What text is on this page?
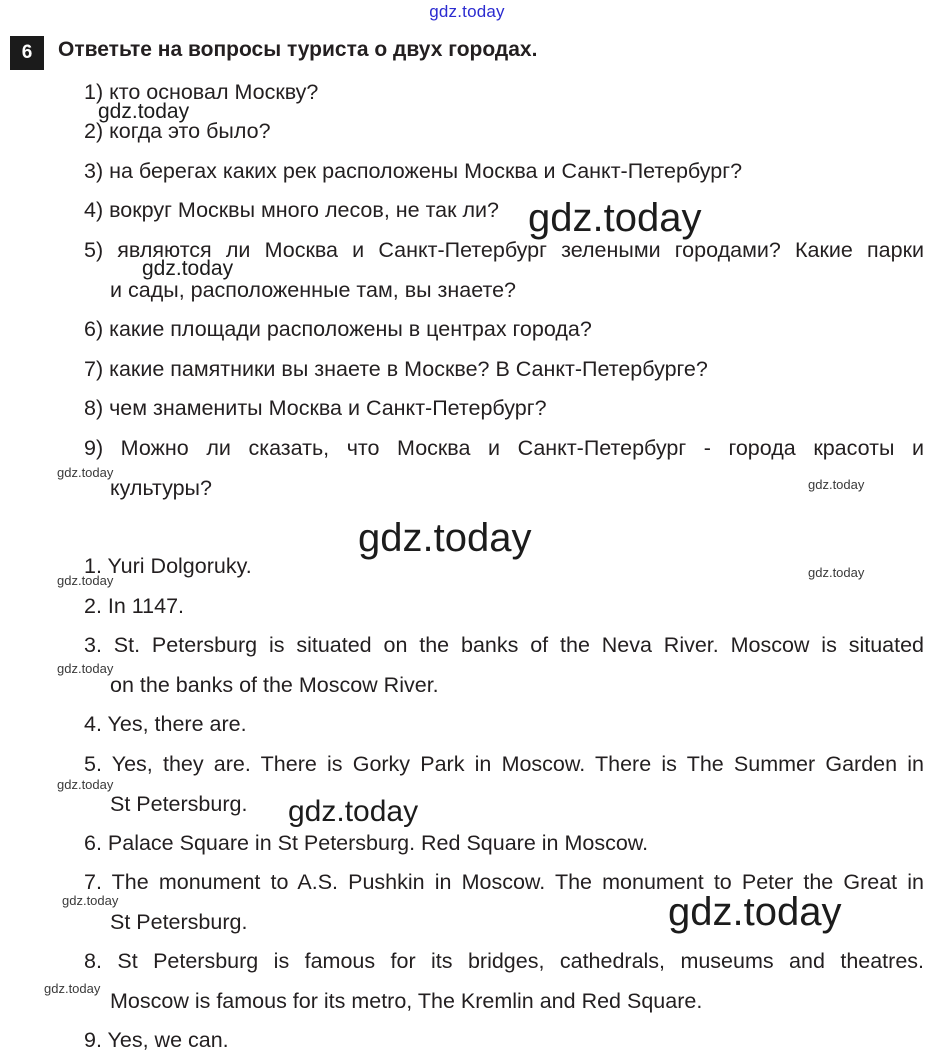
gdz.today
6	Ответьте на вопросы туриста о двух городах.
1) кто основал Москву?
2) когда это было?
3) на берегах каких рек расположены Москва и Санкт-Петербург?
4) вокруг Москвы много лесов, не так ли?
5) являются ли Москва и Санкт-Петербург зелеными городами? Какие парки
и сады, расположенные там, вы знаете?
6) какие площади расположены в центрах города?
7) какие памятники вы знаете в Москве? В Санкт-Петербурге?
8) чем знамениты Москва и Санкт-Петербург?
9) Можно ли сказать, что Москва и Санкт-Петербург - города красоты и
культуры?
1. Yuri Dolgoruky.
2. In 1147.
3. St. Petersburg is situated on the banks of the Neva River. Moscow is situated
on the banks of the Moscow River.
4. Yes, there are.
5. Yes, they are. There is Gorky Park in Moscow. There is The Summer Garden in
St Petersburg.
6. Palace Square in St Petersburg. Red Square in Moscow.
7. The monument to A.S. Pushkin in Moscow. The monument to Peter the Great in
St Petersburg.
8. St Petersburg is famous for its bridges, cathedrals, museums and theatres.
Moscow is famous for its metro, The Kremlin and Red Square.
9. Yes, we can.
gdz.today
gdz.today
gdz.today
gdz.today
gdz.today
gdz.today
gdz.today
gdz.today
gdz.today
gdz.today
gdz.today
gdz.today	gdz.today
gdz.today
